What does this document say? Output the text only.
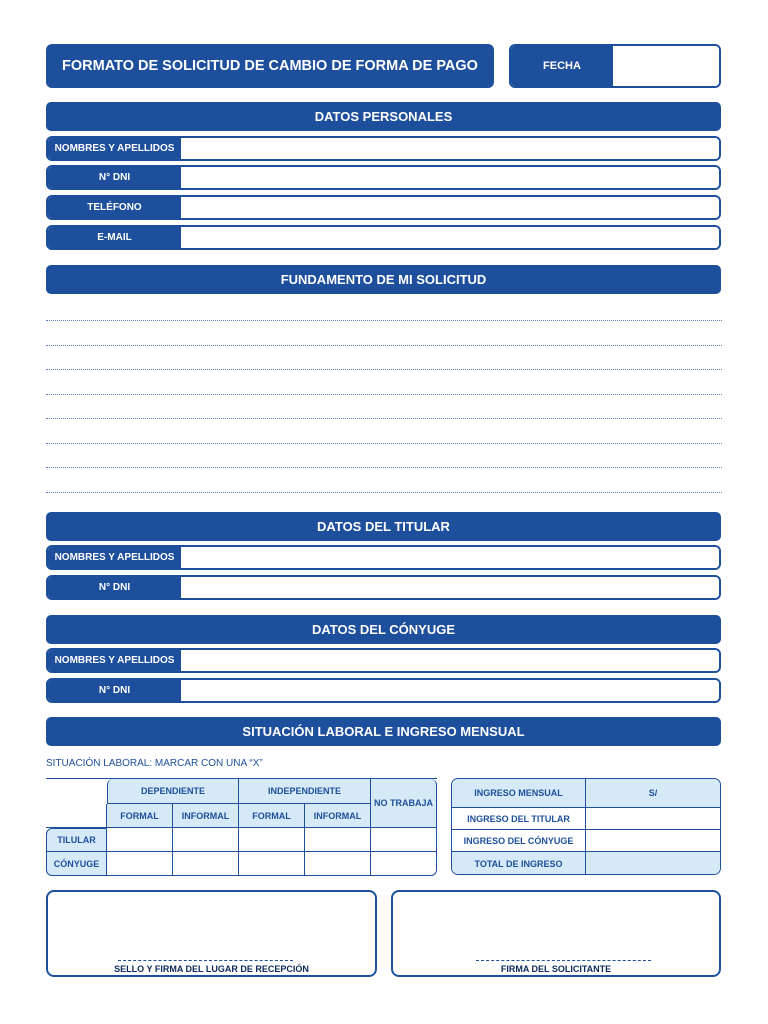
FORMATO DE SOLICITUD DE CAMBIO DE FORMA DE PAGO	FECHA
DATOS PERSONALES
NOMBRES Y APELLIDOS
N° DNI
TELÉFONO
E-MAIL
FUNDAMENTO DE MI SOLICITUD
DATOS DEL TITULAR
NOMBRES Y APELLIDOS
N° DNI
DATOS DEL CÓNYUGE
NOMBRES Y APELLIDOS
N° DNI
SITUACIÓN LABORAL E INGRESO MENSUAL
SITUACIÓN LABORAL: MARCAR CON UNA “X”
	DEPENDIENTE		INDEPENDIENTE		NO TRABAJA
	FORMAL	INFORMAL	FORMAL	INFORMAL	
TILULAR					
CÓNYUGE					
INGRESO MENSUAL	S/
INGRESO DEL TITULAR
INGRESO DEL CÓNYUGE
TOTAL DE INGRESO
SELLO Y FIRMA DEL LUGAR DE RECEPCIÓN	FIRMA DEL SOLICITANTE
